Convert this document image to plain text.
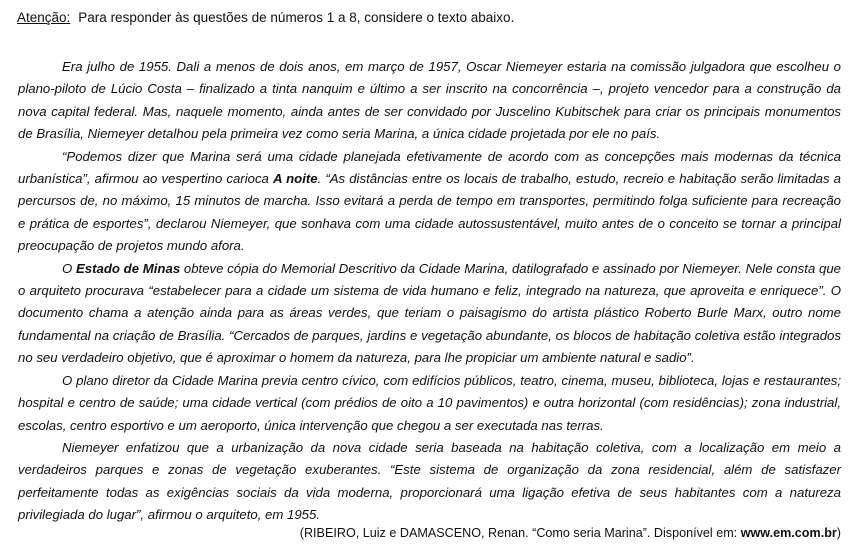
Atenção: Para responder às questões de números 1 a 8, considere o texto abaixo.

Era julho de 1955. Dali a menos de dois anos, em março de 1957, Oscar Niemeyer estaria na comissão julgadora que escolheu o plano-piloto de Lúcio Costa – finalizado a tinta nanquim e último a ser inscrito na concorrência –, projeto vencedor para a construção da nova capital federal. Mas, naquele momento, ainda antes de ser convidado por Juscelino Kubitschek para criar os principais monumentos de Brasília, Niemeyer detalhou pela primeira vez como seria Marina, a única cidade projetada por ele no país.

“Podemos dizer que Marina será uma cidade planejada efetivamente de acordo com as concepções mais modernas da técnica urbanística”, afirmou ao vespertino carioca A noite. “As distâncias entre os locais de trabalho, estudo, recreio e habitação serão limitadas a percursos de, no máximo, 15 minutos de marcha. Isso evitará a perda de tempo em transportes, permitindo folga suficiente para recreação e prática de esportes”, declarou Niemeyer, que sonhava com uma cidade autossustentável, muito antes de o conceito se tornar a principal preocupação de projetos mundo afora.

O Estado de Minas obteve cópia do Memorial Descritivo da Cidade Marina, datilografado e assinado por Niemeyer. Nele consta que o arquiteto procurava “estabelecer para a cidade um sistema de vida humano e feliz, integrado na natureza, que aproveita e enriquece”. O documento chama a atenção ainda para as áreas verdes, que teriam o paisagismo do artista plástico Roberto Burle Marx, outro nome fundamental na criação de Brasília. “Cercados de parques, jardins e vegetação abundante, os blocos de habitação coletiva estão integrados no seu verdadeiro objetivo, que é aproximar o homem da natureza, para lhe propiciar um ambiente natural e sadio”.

O plano diretor da Cidade Marina previa centro cívico, com edifícios públicos, teatro, cinema, museu, biblioteca, lojas e restaurantes; hospital e centro de saúde; uma cidade vertical (com prédios de oito a 10 pavimentos) e outra horizontal (com residências); zona industrial, escolas, centro esportivo e um aeroporto, única intervenção que chegou a ser executada nas terras.

Niemeyer enfatizou que a urbanização da nova cidade seria baseada na habitação coletiva, com a localização em meio a verdadeiros parques e zonas de vegetação exuberantes. “Este sistema de organização da zona residencial, além de satisfazer perfeitamente todas as exigências sociais da vida moderna, proporcionará uma ligação efetiva de seus habitantes com a natureza privilegiada do lugar”, afirmou o arquiteto, em 1955.

(RIBEIRO, Luiz e DAMASCENO, Renan. “Como seria Marina”. Disponível em: www.em.com.br)
